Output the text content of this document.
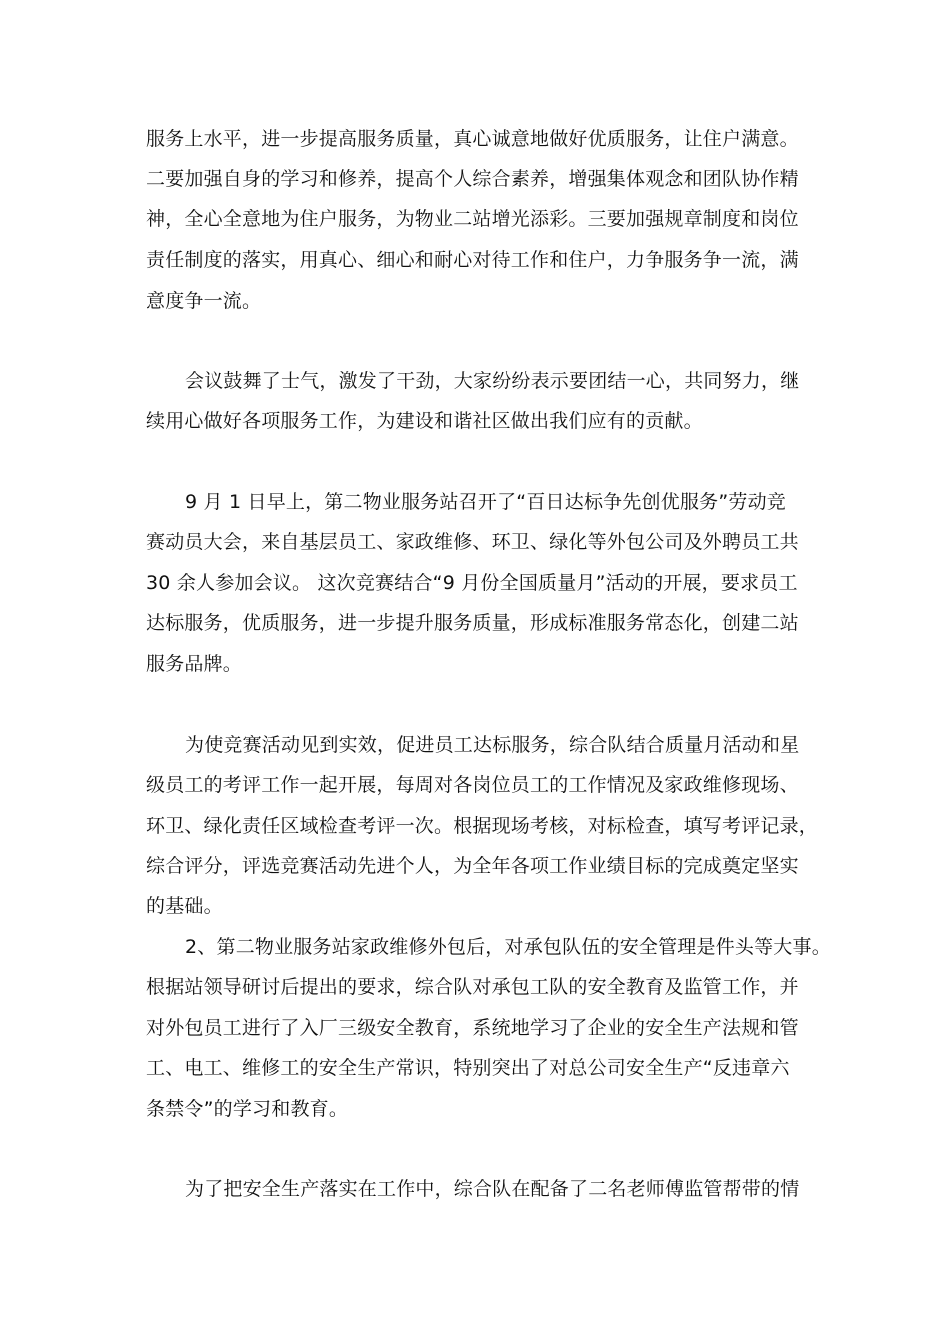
服务上水平，进一步提高服务质量，真心诚意地做好优质服务，让住户满意。

二要加强自身的学习和修养，提高个人综合素养，增强集体观念和团队协作精

神，全心全意地为住户服务，为物业二站增光添彩。三要加强规章制度和岗位

责任制度的落实，用真心、细心和耐心对待工作和住户，力争服务争一流，满

意度争一流。

会议鼓舞了士气，激发了干劲，大家纷纷表示要团结一心，共同努力，继

续用心做好各项服务工作，为建设和谐社区做出我们应有的贡献。

9 月 1 日早上，第二物业服务站召开了“百日达标争先创优服务”劳动竞

赛动员大会，来自基层员工、家政维修、环卫、绿化等外包公司及外聘员工共

30 余人参加会议。 这次竞赛结合“9 月份全国质量月”活动的开展，要求员工

达标服务，优质服务，进一步提升服务质量，形成标准服务常态化，创建二站

服务品牌。

为使竞赛活动见到实效，促进员工达标服务，综合队结合质量月活动和星

级员工的考评工作一起开展，每周对各岗位员工的工作情况及家政维修现场、

环卫、绿化责任区域检查考评一次。根据现场考核，对标检查，填写考评记录，

综合评分，评选竞赛活动先进个人，为全年各项工作业绩目标的完成奠定坚实

的基础。

2、第二物业服务站家政维修外包后，对承包队伍的安全管理是件头等大事。

根据站领导研讨后提出的要求，综合队对承包工队的安全教育及监管工作，并

对外包员工进行了入厂三级安全教育，系统地学习了企业的安全生产法规和管

工、电工、维修工的安全生产常识，特别突出了对总公司安全生产“反违章六

条禁令”的学习和教育。

为了把安全生产落实在工作中，综合队在配备了二名老师傅监管帮带的情
